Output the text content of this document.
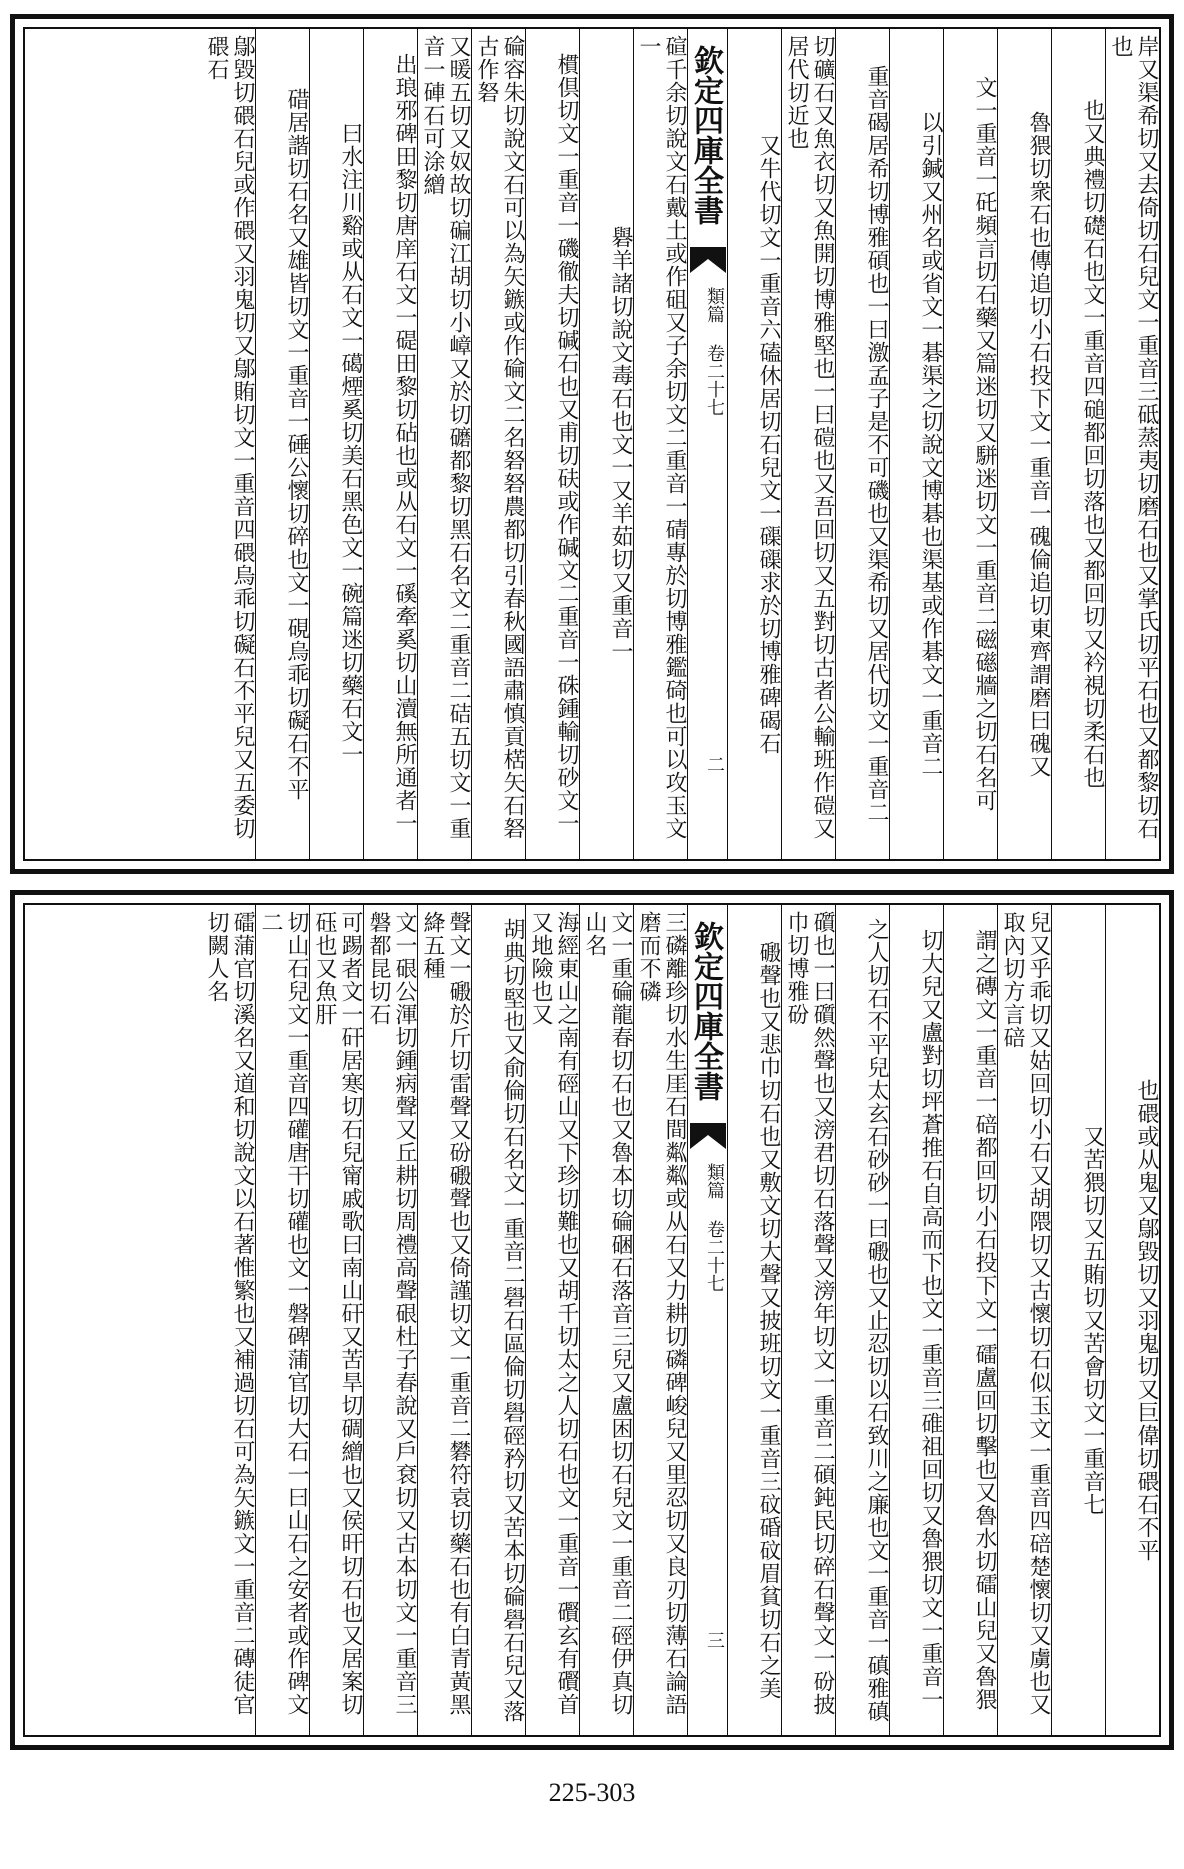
岸又渠希切又去倚切石兒文一重音三砥蒸夷切磨石也又掌氏切平石也又都黎切石也
也又典禮切礎石也文一重音四磓都回切落也又都回切又衿視切柔石也
魯猥切衆石也傳追切小石投下文一重音一磈倫追切東齊謂磨曰磈又
文一重音一矺頻言切石藥又篇迷切又駢迷切文一重音二磁礠牆之切石名可
以引鍼又州名或省文一碁渠之切說文博碁也渠基或作碁文一重音二
重音碣居希切博雅碩也一曰激孟子是不可磯也又渠希切又居代切文一重音二
切礦石又魚衣切又魚開切博雅堅也一曰磑也又吾回切又五對切古者公輸班作磑又居代切近也
又牛代切文一重音六磕休居切石兒文一磲磲求於切博雅碑碣石
欽定四庫全書
類篇 卷二十七
二
碹千余切說文石戴土或作砠又子余切文二重音一碃專於切博雅鑑碕也可以攻玉文一
礜羊諸切說文毒石也文一又羊茹切又重音一
樌倶切文一重音一磯徹夫切碱石也又甫切砆或作碱文二重音一硃鍾輸切砂文一
碖容朱切說文石可以為矢鏃或作碖文二名砮砮農都切引春秋國語肅慎貢楛矢石砮古作砮
又暖五切又奴故切碥江胡切小嶂又於切礳都黎切黑石名文二重音二硈五切文一重音一硨石可涂繒
出琅邪碑田黎切唐庠石文一碮田黎切砧也或从石文一磎牽奚切山瀆無所通者一
曰水注川谿或从石文一礍煙奚切美石黑色文一碗篇迷切藥石文一
碏居諧切石名又雄皆切文一重音一硾公懷切碎也文一硯烏乖切礙石不平
鄔毀切碨石兒或作碨又羽鬼切又鄔賄切文一重音四碨烏乖切礙石不平兒又五委切碨石
也碨或从鬼又鄔毀切又羽鬼切又巨偉切碨石不平
又苦猥切又五賄切又苦會切文一重音七
兒又乎乖切又姑回切小石又胡隈切又古懷切石似玉文一重音四碚楚懷切又虜也又取內切方言碚
謂之磚文一重音一碚都回切小石投下文一礌盧回切擊也又魯水切礌山兒又魯猥
切大兒又盧對切坪蒼推石自高而下也文一重音三碓祖回切又魯猥切文一重音一
之人切石不平兒太玄石砂砂一曰磤也又止忍切以石致川之廉也文一重音一磌雅磌
礩也一曰礩然聲也又滂君切石落聲又滂年切文一重音二碩鈍民切碎石聲文一砏披巾切博雅砏
磤聲也又悲巾切石也又敷文切大聲又披班切文一重音三砇碈砇眉貧切石之美
欽定四庫全書
類篇 卷二十七
三
三磷離珍切水生厓石間粼粼或从石又力耕切磷碑峻兒又里忍切又良刃切薄石論語磨而不磷
文一重碖龍春切石也又魯本切碖硱石落音三兒又盧困切石兒文一重音二硜伊真切山名
海經東山之南有硜山又下珍切難也又胡千切太之人切石也文一重音一礥玄有礥首又地險也又
胡典切堅也又俞倫切石名文一重音二礐石區倫切礐硜矜切又苦本切碖礐石兒又落
聲文一磤於斤切雷聲又砏磤聲也又倚謹切文一重音二礬符袁切藥石也有白青黃黑絳五種
文一硍公渾切鍾病聲又丘耕切周禮高聲硍杜子春說又戶袞切又古本切文一重音三磐都昆切石
可踢者文一矸居寒切石兒甯戚歌曰南山矸又苦旱切碉繒也又侯旰切石也又居案切砡也又魚肝
切山石兒文一重音四礶唐干切礶也文一磐碑蒲官切大石一曰山石之安者或作碑文二
礌蒲官切溪名又道和切說文以石著惟繁也又補過切石可為矢鏃文一重音二磚徒官切闕人名
225-303
